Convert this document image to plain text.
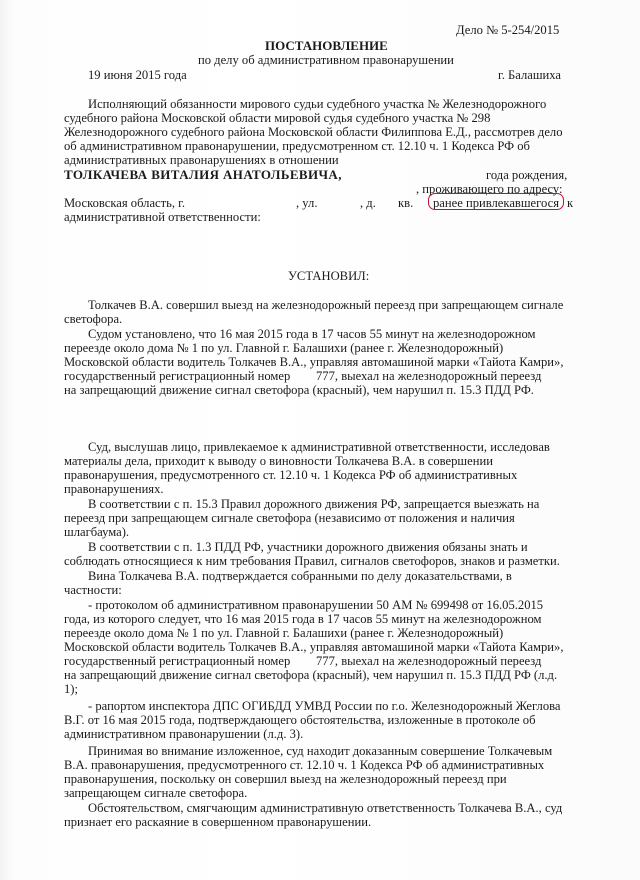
Дело № 5-254/2015
ПОСТАНОВЛЕНИЕ
по делу об административном правонарушении
19 июня 2015 года	г. Балашиха
Исполняющий обязанности мирового судьи судебного участка № Железнодорожного
судебного района Московской области мировой судья судебного участка № 298
Железнодорожного судебного района Московской области Филиппова Е.Д., рассмотрев дело
об административном правонарушении, предусмотренном ст. 12.10 ч. 1 Кодекса РФ об
административных правонарушениях в отношении
ТОЛКАЧЕВА ВИТАЛИЯ АНАТОЛЬЕВИЧА,	года рождения,
, проживающего по адресу:
Московская область, г.	, ул.	, д. кв. ранее привлекавшегося к
административной ответственности:
УСТАНОВИЛ:
Толкачев В.А. совершил выезд на железнодорожный переезд при запрещающем сигнале
светофора.
Судом установлено, что 16 мая 2015 года в 17 часов 55 минут на железнодорожном
переезде около дома № 1 по ул. Главной г. Балашихи (ранее г. Железнодорожный)
Московской области водитель Толкачев В.А., управляя автомашиной марки «Тайота Камри»,
государственный регистрационный номер 777, выехал на железнодорожный переезд
на запрещающий движение сигнал светофора (красный), чем нарушил п. 15.3 ПДД РФ.
Суд, выслушав лицо, привлекаемое к административной ответственности, исследовав
материалы дела, приходит к выводу о виновности Толкачева В.А. в совершении
правонарушения, предусмотренного ст. 12.10 ч. 1 Кодекса РФ об административных
правонарушениях.
В соответствии с п. 15.3 Правил дорожного движения РФ, запрещается выезжать на
переезд при запрещающем сигнале светофора (независимо от положения и наличия
шлагбаума).
В соответствии с п. 1.3 ПДД РФ, участники дорожного движения обязаны знать и
соблюдать относящиеся к ним требования Правил, сигналов светофоров, знаков и разметки.
Вина Толкачева В.А. подтверждается собранными по делу доказательствами, в
частности:
- протоколом об административном правонарушении 50 АМ № 699498 от 16.05.2015
года, из которого следует, что 16 мая 2015 года в 17 часов 55 минут на железнодорожном
переезде около дома № 1 по ул. Главной г. Балашихи (ранее г. Железнодорожный)
Московской области водитель Толкачев В.А., управляя автомашиной марки «Тайота Камри»,
государственный регистрационный номер 777, выехал на железнодорожный переезд
на запрещающий движение сигнал светофора (красный), чем нарушил п. 15.3 ПДД РФ (л.д.
1);
- рапортом инспектора ДПС ОГИБДД УМВД России по г.о. Железнодорожный Жеглова
В.Г. от 16 мая 2015 года, подтверждающего обстоятельства, изложенные в протоколе об
административном правонарушении (л.д. 3).
Принимая во внимание изложенное, суд находит доказанным совершение Толкачевым
В.А. правонарушения, предусмотренного ст. 12.10 ч. 1 Кодекса РФ об административных
правонарушения, поскольку он совершил выезд на железнодорожный переезд при
запрещающем сигнале светофора.
Обстоятельством, смягчающим административную ответственность Толкачева В.А., суд
признает его раскаяние в совершенном правонарушении.
